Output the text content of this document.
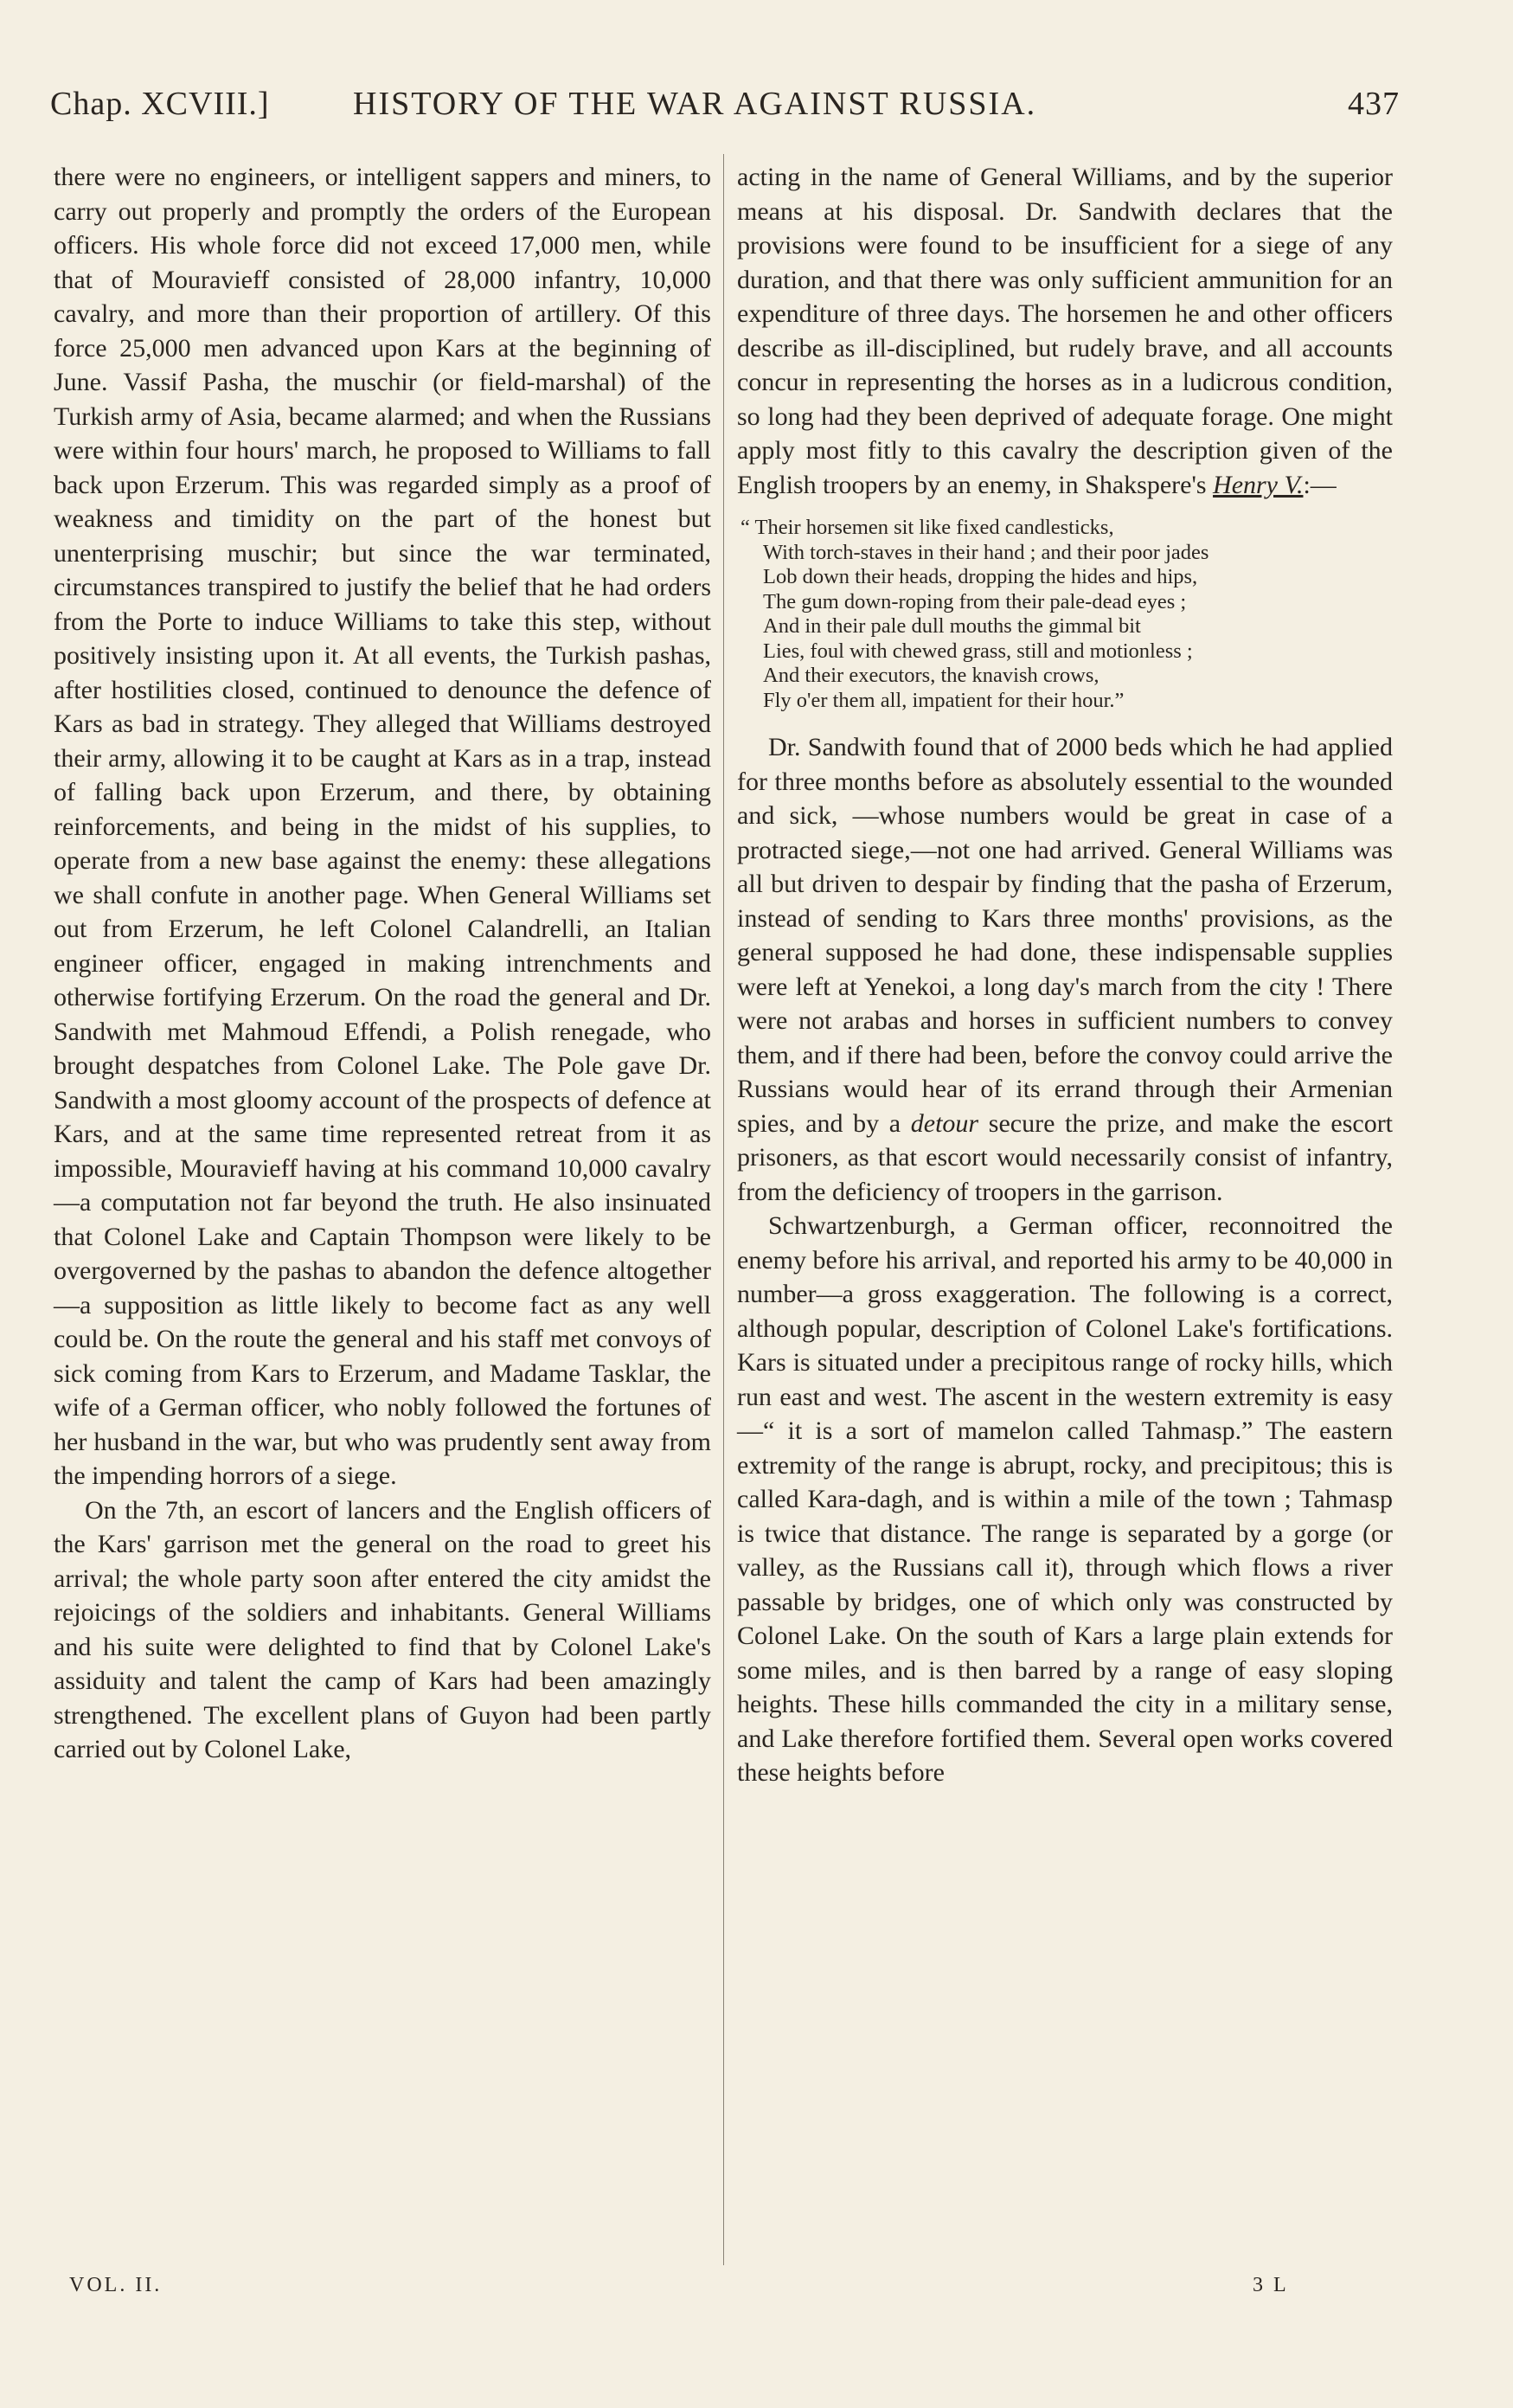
Chap. XCVIII.]	HISTORY OF THE WAR AGAINST RUSSIA.	437

there were no engineers, or intelligent sappers and miners, to carry out properly and promptly the orders of the European officers. His whole force did not exceed 17,000 men, while that of Mouravieff consisted of 28,000 infantry, 10,000 cavalry, and more than their proportion of artillery. Of this force 25,000 men advanced upon Kars at the beginning of June. Vassif Pasha, the muschir (or field-marshal) of the Turkish army of Asia, became alarmed; and when the Russians were within four hours' march, he proposed to Williams to fall back upon Erzerum. This was regarded simply as a proof of weakness and timidity on the part of the honest but unenterprising muschir; but since the war terminated, circumstances transpired to justify the belief that he had orders from the Porte to induce Williams to take this step, without positively insisting upon it. At all events, the Turkish pashas, after hostilities closed, continued to denounce the defence of Kars as bad in strategy. They alleged that Williams destroyed their army, allowing it to be caught at Kars as in a trap, instead of falling back upon Erzerum, and there, by obtaining reinforcements, and being in the midst of his supplies, to operate from a new base against the enemy: these allegations we shall confute in another page. When General Williams set out from Erzerum, he left Colonel Calandrelli, an Italian engineer officer, engaged in making intrenchments and otherwise fortifying Erzerum. On the road the general and Dr. Sandwith met Mahmoud Effendi, a Polish renegade, who brought despatches from Colonel Lake. The Pole gave Dr. Sandwith a most gloomy account of the prospects of defence at Kars, and at the same time represented retreat from it as impossible, Mouravieff having at his command 10,000 cavalry—a computation not far beyond the truth. He also insinuated that Colonel Lake and Captain Thompson were likely to be overgoverned by the pashas to abandon the defence altogether—a supposition as little likely to become fact as any well could be. On the route the general and his staff met convoys of sick coming from Kars to Erzerum, and Madame Tasklar, the wife of a German officer, who nobly followed the fortunes of her husband in the war, but who was prudently sent away from the impending horrors of a siege.

On the 7th, an escort of lancers and the English officers of the Kars' garrison met the general on the road to greet his arrival; the whole party soon after entered the city amidst the rejoicings of the soldiers and inhabitants. General Williams and his suite were delighted to find that by Colonel Lake's assiduity and talent the camp of Kars had been amazingly strengthened. The excellent plans of Guyon had been partly carried out by Colonel Lake,

acting in the name of General Williams, and by the superior means at his disposal. Dr. Sandwith declares that the provisions were found to be insufficient for a siege of any duration, and that there was only sufficient ammunition for an expenditure of three days. The horsemen he and other officers describe as ill-disciplined, but rudely brave, and all accounts concur in representing the horses as in a ludicrous condition, so long had they been deprived of adequate forage. One might apply most fitly to this cavalry the description given of the English troopers by an enemy, in Shakspere's Henry V.:—

“ Their horsemen sit like fixed candlesticks,
With torch-staves in their hand ; and their poor jades
Lob down their heads, dropping the hides and hips,
The gum down-roping from their pale-dead eyes ;
And in their pale dull mouths the gimmal bit
Lies, foul with chewed grass, still and motionless ;
And their executors, the knavish crows,
Fly o'er them all, impatient for their hour.”

Dr. Sandwith found that of 2000 beds which he had applied for three months before as absolutely essential to the wounded and sick, —whose numbers would be great in case of a protracted siege,—not one had arrived. General Williams was all but driven to despair by finding that the pasha of Erzerum, instead of sending to Kars three months' provisions, as the general supposed he had done, these indispensable supplies were left at Yenekoi, a long day's march from the city ! There were not arabas and horses in sufficient numbers to convey them, and if there had been, before the convoy could arrive the Russians would hear of its errand through their Armenian spies, and by a detour secure the prize, and make the escort prisoners, as that escort would necessarily consist of infantry, from the deficiency of troopers in the garrison.

Schwartzenburgh, a German officer, reconnoitred the enemy before his arrival, and reported his army to be 40,000 in number—a gross exaggeration. The following is a correct, although popular, description of Colonel Lake's fortifications. Kars is situated under a precipitous range of rocky hills, which run east and west. The ascent in the western extremity is easy—“ it is a sort of mamelon called Tahmasp.” The eastern extremity of the range is abrupt, rocky, and precipitous; this is called Kara-dagh, and is within a mile of the town ; Tahmasp is twice that distance. The range is separated by a gorge (or valley, as the Russians call it), through which flows a river passable by bridges, one of which only was constructed by Colonel Lake. On the south of Kars a large plain extends for some miles, and is then barred by a range of easy sloping heights. These hills commanded the city in a military sense, and Lake therefore fortified them. Several open works covered these heights before

VOL. II.	3 L
